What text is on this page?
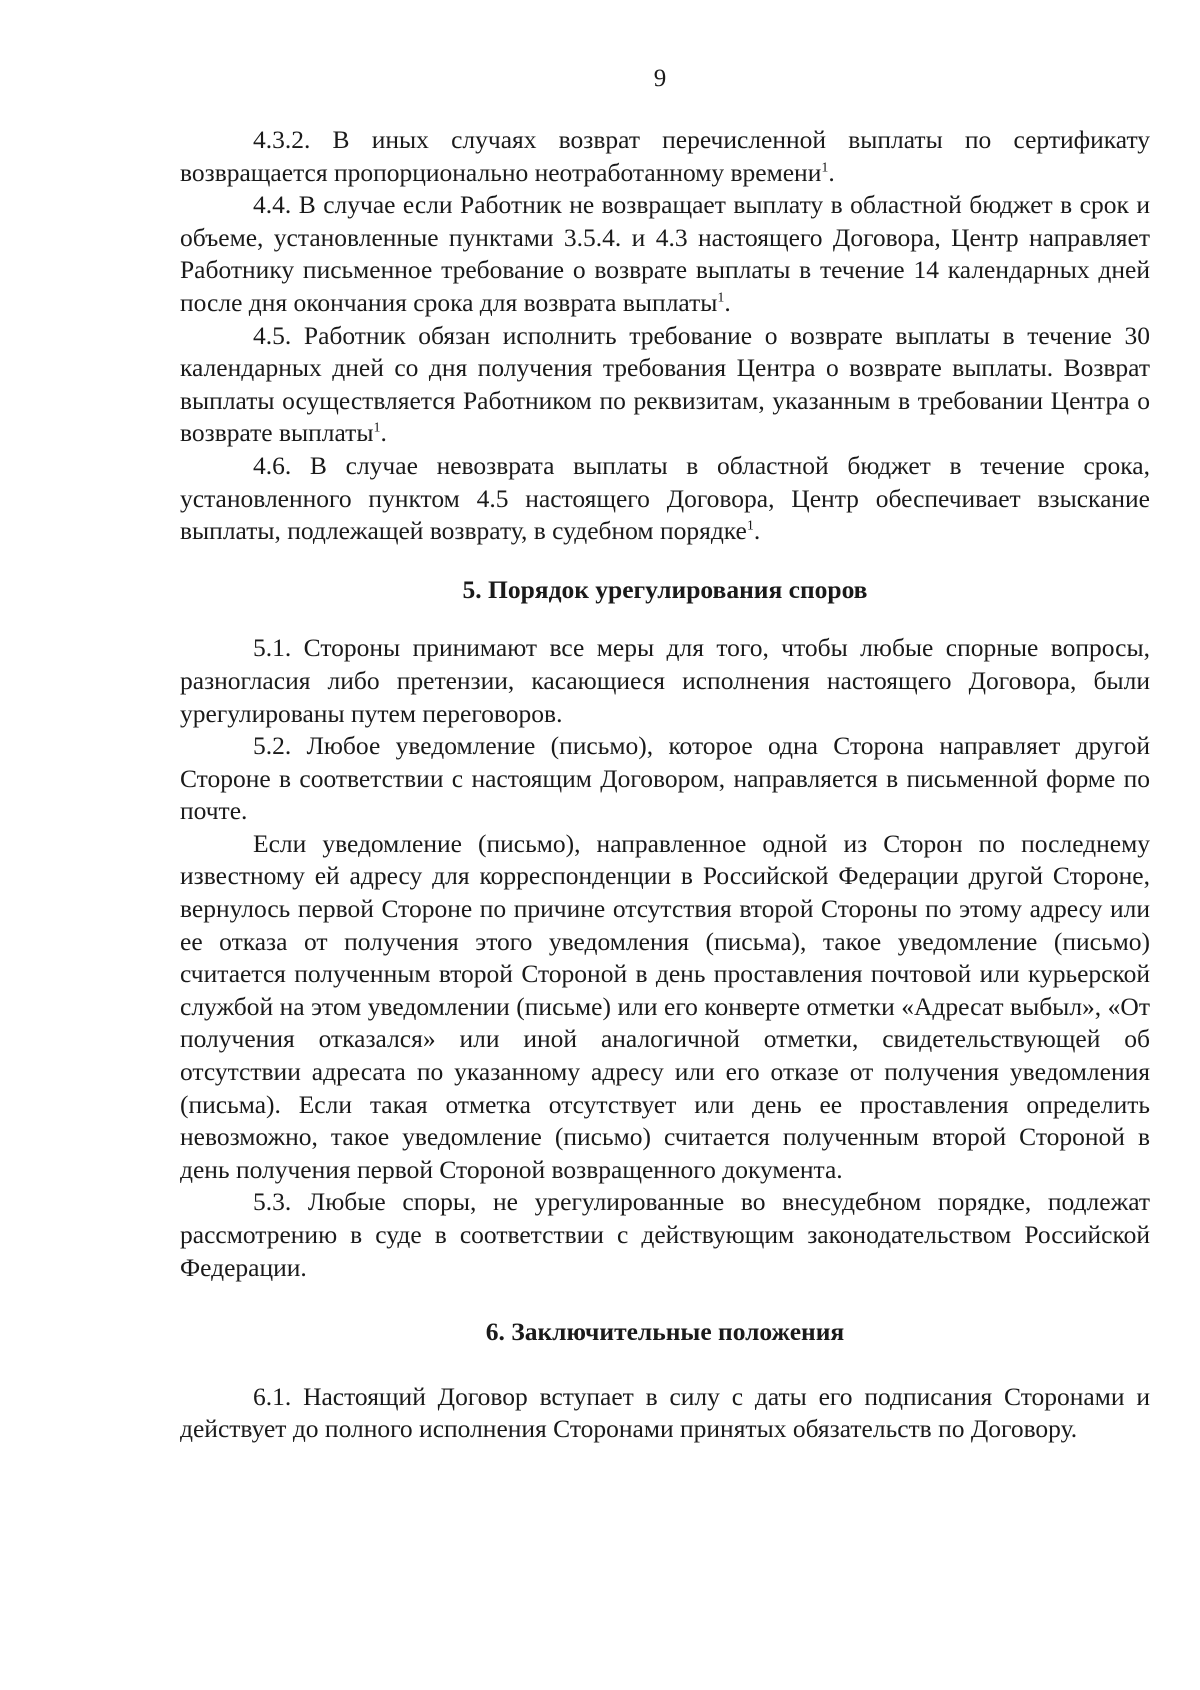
9

4.3.2. В иных случаях возврат перечисленной выплаты по сертификату возвращается пропорционально неотработанному времени$^1$.

4.4. В случае если Работник не возвращает выплату в областной бюджет в срок и объеме, установленные пунктами 3.5.4. и 4.3 настоящего Договора, Центр направляет Работнику письменное требование о возврате выплаты в течение 14 календарных дней после дня окончания срока для возврата выплаты$^1$.

4.5. Работник обязан исполнить требование о возврате выплаты в течение 30 календарных дней со дня получения требования Центра о возврате выплаты. Возврат выплаты осуществляется Работником по реквизитам, указанным в требовании Центра о возврате выплаты$^1$.

4.6. В случае невозврата выплаты в областной бюджет в течение срока, установленного пунктом 4.5 настоящего Договора, Центр обеспечивает взыскание выплаты, подлежащей возврату, в судебном порядке$^1$.

5. Порядок урегулирования споров

5.1. Стороны принимают все меры для того, чтобы любые спорные вопросы, разногласия либо претензии, касающиеся исполнения настоящего Договора, были урегулированы путем переговоров.

5.2. Любое уведомление (письмо), которое одна Сторона направляет другой Стороне в соответствии с настоящим Договором, направляется в письменной форме по почте.

Если уведомление (письмо), направленное одной из Сторон по последнему известному ей адресу для корреспонденции в Российской Федерации другой Стороне, вернулось первой Стороне по причине отсутствия второй Стороны по этому адресу или ее отказа от получения этого уведомления (письма), такое уведомление (письмо) считается полученным второй Стороной в день проставления почтовой или курьерской службой на этом уведомлении (письме) или его конверте отметки «Адресат выбыл», «От получения отказался» или иной аналогичной отметки, свидетельствующей об отсутствии адресата по указанному адресу или его отказе от получения уведомления (письма). Если такая отметка отсутствует или день ее проставления определить невозможно, такое уведомление (письмо) считается полученным второй Стороной в день получения первой Стороной возвращенного документа.

5.3. Любые споры, не урегулированные во внесудебном порядке, подлежат рассмотрению в суде в соответствии с действующим законодательством Российской Федерации.

6. Заключительные положения

6.1. Настоящий Договор вступает в силу с даты его подписания Сторонами и действует до полного исполнения Сторонами принятых обязательств по Договору.
